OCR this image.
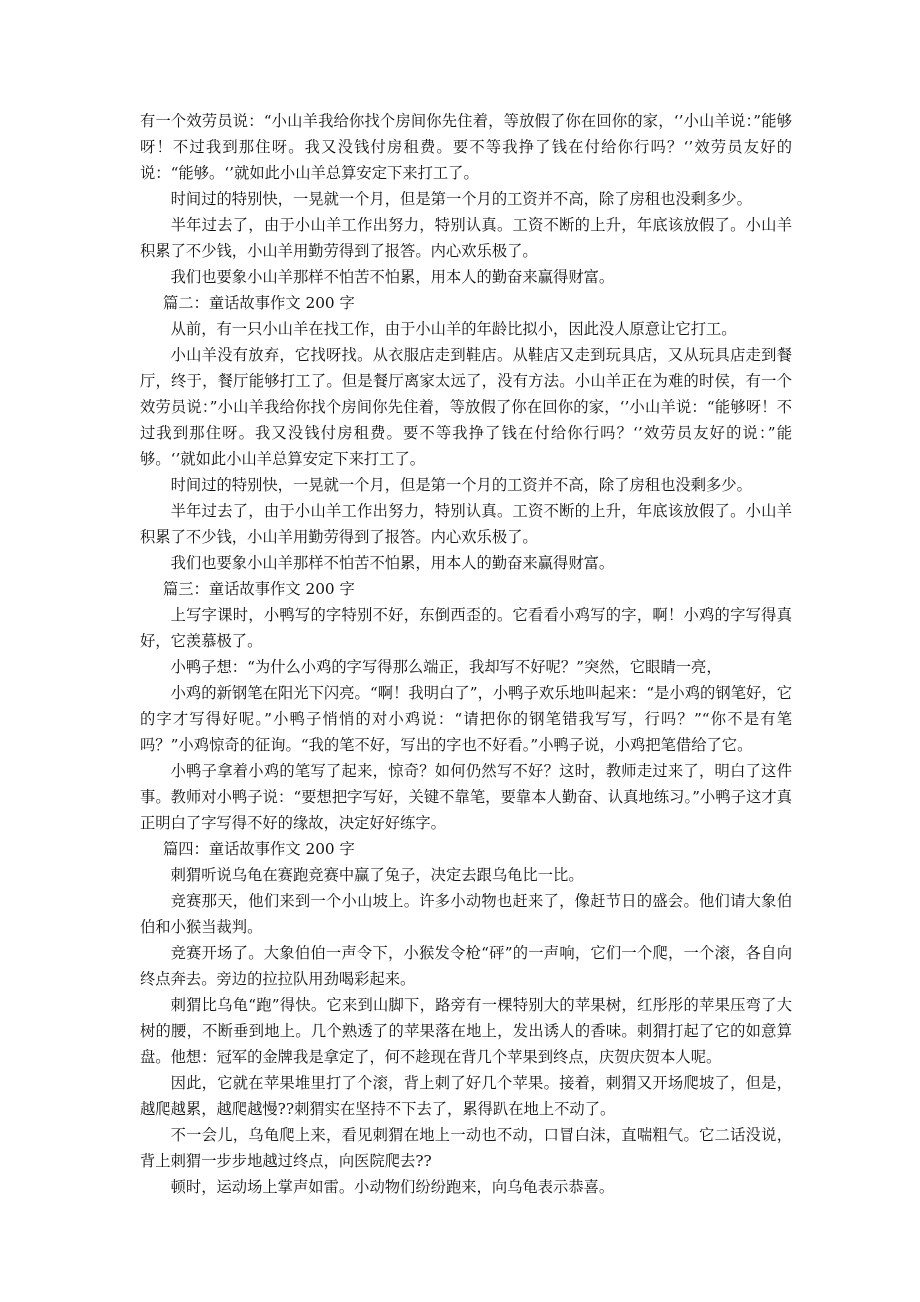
有一个效劳员说：“小山羊我给你找个房间你先住着，等放假了你在回你的家，‘’小山羊说：”能够呀！不过我到那住呀。我又没钱付房租费。要不等我挣了钱在付给你行吗？‘’效劳员友好的说：“能够。‘’就如此小山羊总算安定下来打工了。

时间过的特别快，一晃就一个月，但是第一个月的工资并不高，除了房租也没剩多少。

半年过去了，由于小山羊工作出努力，特别认真。工资不断的上升，年底该放假了。小山羊积累了不少钱，小山羊用勤劳得到了报答。内心欢乐极了。

我们也要象小山羊那样不怕苦不怕累，用本人的勤奋来赢得财富。

篇二：童话故事作文 200 字

从前，有一只小山羊在找工作，由于小山羊的年龄比拟小，因此没人原意让它打工。

小山羊没有放弃，它找呀找。从衣服店走到鞋店。从鞋店又走到玩具店，又从玩具店走到餐厅，终于，餐厅能够打工了。但是餐厅离家太远了，没有方法。小山羊正在为难的时侯，有一个效劳员说：”小山羊我给你找个房间你先住着，等放假了你在回你的家，‘’小山羊说：“能够呀！不过我到那住呀。我又没钱付房租费。要不等我挣了钱在付给你行吗？‘’效劳员友好的说：”能够。‘’就如此小山羊总算安定下来打工了。

时间过的特别快，一晃就一个月，但是第一个月的工资并不高，除了房租也没剩多少。

半年过去了，由于小山羊工作出努力，特别认真。工资不断的上升，年底该放假了。小山羊积累了不少钱，小山羊用勤劳得到了报答。内心欢乐极了。

我们也要象小山羊那样不怕苦不怕累，用本人的勤奋来赢得财富。

篇三：童话故事作文 200 字

上写字课时，小鸭写的字特别不好，东倒西歪的。它看看小鸡写的字，啊！小鸡的字写得真好，它羡慕极了。

小鸭子想：“为什么小鸡的字写得那么端正，我却写不好呢？”突然，它眼睛一亮，

小鸡的新钢笔在阳光下闪亮。“啊！我明白了”，小鸭子欢乐地叫起来：“是小鸡的钢笔好，它的字才写得好呢。”小鸭子悄悄的对小鸡说：“请把你的钢笔错我写写，行吗？”“你不是有笔吗？”小鸡惊奇的征询。“我的笔不好，写出的字也不好看。”小鸭子说，小鸡把笔借给了它。

小鸭子拿着小鸡的笔写了起来，惊奇？如何仍然写不好？这时，教师走过来了，明白了这件事。教师对小鸭子说：“要想把字写好，关键不靠笔，要靠本人勤奋、认真地练习。”小鸭子这才真正明白了字写得不好的缘故，决定好好练字。

篇四：童话故事作文 200 字

刺猬听说乌龟在赛跑竞赛中赢了兔子，决定去跟乌龟比一比。

竞赛那天，他们来到一个小山坡上。许多小动物也赶来了，像赶节日的盛会。他们请大象伯伯和小猴当裁判。

竞赛开场了。大象伯伯一声令下，小猴发令枪“砰”的一声响，它们一个爬，一个滚，各自向终点奔去。旁边的拉拉队用劲喝彩起来。

刺猬比乌龟“跑”得快。它来到山脚下，路旁有一棵特别大的苹果树，红彤彤的苹果压弯了大树的腰，不断垂到地上。几个熟透了的苹果落在地上，发出诱人的香味。刺猬打起了它的如意算盘。他想：冠军的金牌我是拿定了，何不趁现在背几个苹果到终点，庆贺庆贺本人呢。

因此，它就在苹果堆里打了个滚，背上刺了好几个苹果。接着，刺猬又开场爬坡了，但是，越爬越累，越爬越慢??刺猬实在坚持不下去了，累得趴在地上不动了。

不一会儿，乌龟爬上来，看见刺猬在地上一动也不动，口冒白沫，直喘粗气。它二话没说，背上刺猬一步步地越过终点，向医院爬去??

顿时，运动场上掌声如雷。小动物们纷纷跑来，向乌龟表示恭喜。
